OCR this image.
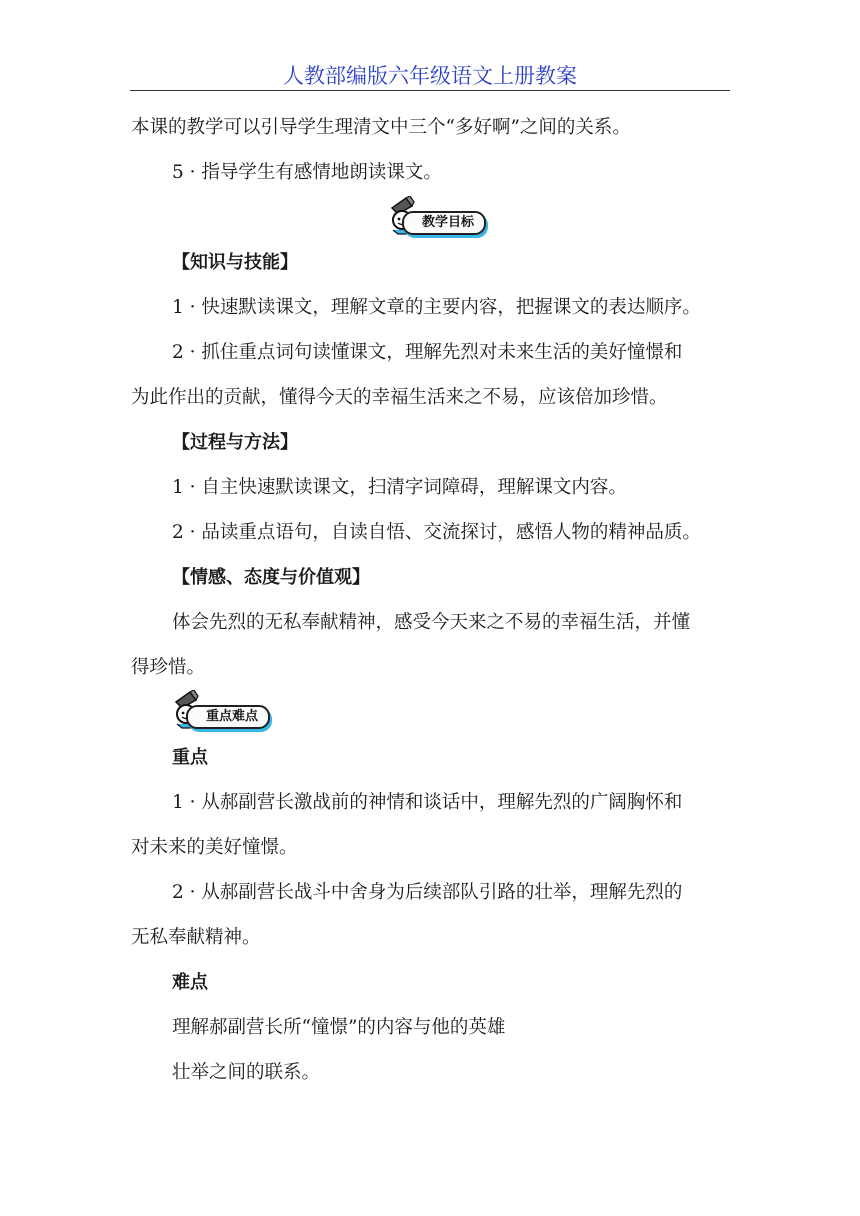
人教部编版六年级语文上册教案
本课的教学可以引导学生理清文中三个“多好啊”之间的关系。
5 · 指导学生有感情地朗读课文。
教学目标
【知识与技能】
1 · 快速默读课文，理解文章的主要内容，把握课文的表达顺序。
2 · 抓住重点词句读懂课文，理解先烈对未来生活的美好憧憬和
为此作出的贡献，懂得今天的幸福生活来之不易，应该倍加珍惜。
【过程与方法】
1 · 自主快速默读课文，扫清字词障碍，理解课文内容。
2 · 品读重点语句，自读自悟、交流探讨，感悟人物的精神品质。
【情感、态度与价值观】
体会先烈的无私奉献精神，感受今天来之不易的幸福生活，并懂
得珍惜。
重点难点
重点
1 · 从郝副营长激战前的神情和谈话中，理解先烈的广阔胸怀和
对未来的美好憧憬。
2 · 从郝副营长战斗中舍身为后续部队引路的壮举，理解先烈的
无私奉献精神。
难点
理解郝副营长所“憧憬”的内容与他的英雄
壮举之间的联系。
